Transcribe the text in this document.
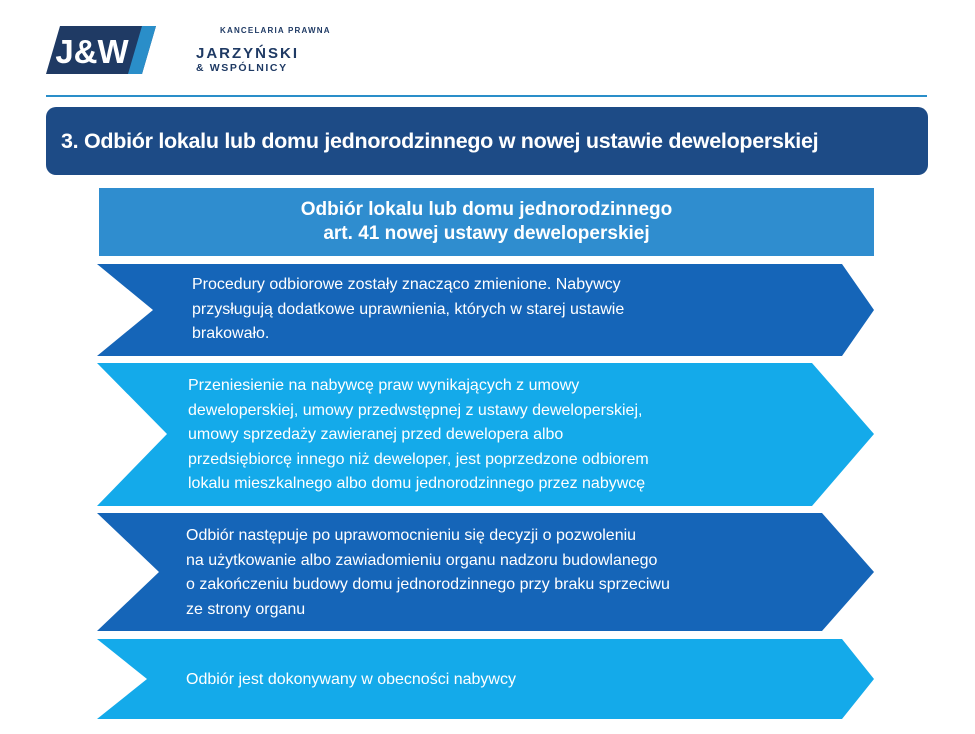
J&W
KANCELARIA PRAWNA
JARZYŃSKI
& WSPÓLNICY
3. Odbiór lokalu lub domu jednorodzinnego w nowej ustawie deweloperskiej
Odbiór lokalu lub domu jednorodzinnego
art. 41 nowej ustawy deweloperskiej
Procedury odbiorowe zostały znacząco zmienione. Nabywcy
przysługują dodatkowe uprawnienia, których w starej ustawie
brakowało.
Przeniesienie na nabywcę praw wynikających z umowy
deweloperskiej, umowy przedwstępnej z ustawy deweloperskiej,
umowy sprzedaży zawieranej przed dewelopera albo
przedsiębiorcę innego niż deweloper, jest poprzedzone odbiorem
lokalu mieszkalnego albo domu jednorodzinnego przez nabywcę
Odbiór następuje po uprawomocnieniu się decyzji o pozwoleniu
na użytkowanie albo zawiadomieniu organu nadzoru budowlanego
o zakończeniu budowy domu jednorodzinnego przy braku sprzeciwu
ze strony organu
Odbiór jest dokonywany w obecności nabywcy
